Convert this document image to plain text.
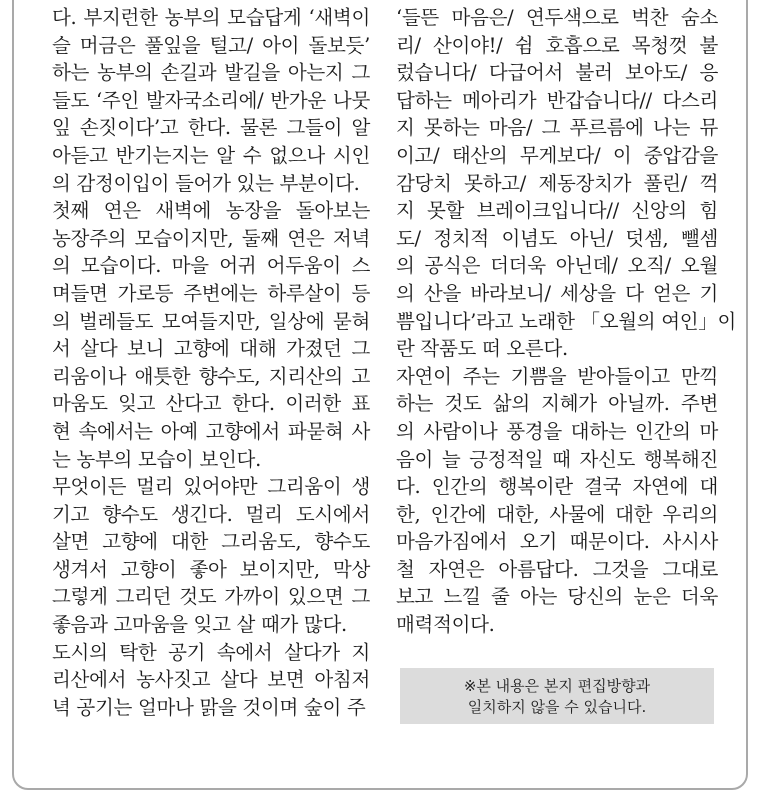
다. 부지런한 농부의 모습답게 ‘새벽이
슬 머금은 풀잎을 털고/ 아이 돌보듯’
하는 농부의 손길과 발길을 아는지 그
들도 ‘주인 발자국소리에/ 반가운 나뭇
잎 손짓이다’고 한다. 물론 그들이 알
아듣고 반기는지는 알 수 없으나 시인
의 감정이입이 들어가 있는 부분이다.
첫째 연은 새벽에 농장을 돌아보는
농장주의 모습이지만, 둘째 연은 저녁
의 모습이다. 마을 어귀 어두움이 스
며들면 가로등 주변에는 하루살이 등
의 벌레들도 모여들지만, 일상에 묻혀
서 살다 보니 고향에 대해 가졌던 그
리움이나 애틋한 향수도, 지리산의 고
마움도 잊고 산다고 한다. 이러한 표
현 속에서는 아예 고향에서 파묻혀 사
는 농부의 모습이 보인다.
무엇이든 멀리 있어야만 그리움이 생
기고 향수도 생긴다. 멀리 도시에서
살면 고향에 대한 그리움도, 향수도
생겨서 고향이 좋아 보이지만, 막상
그렇게 그리던 것도 가까이 있으면 그
좋음과 고마움을 잊고 살 때가 많다.
도시의 탁한 공기 속에서 살다가 지
리산에서 농사짓고 살다 보면 아침저
녁 공기는 얼마나 맑을 것이며 숲이 주
‘들뜬 마음은/ 연두색으로 벅찬 숨소
리/ 산이야!/ 쉼 호흡으로 목청껏 불
렀습니다/ 다급어서 불러 보아도/ 응
답하는 메아리가 반갑습니다// 다스리
지 못하는 마음/ 그 푸르름에 나는 뮤
이고/ 태산의 무게보다/ 이 중압감을
감당치 못하고/ 제동장치가 풀린/ 꺽
지 못할 브레이크입니다// 신앙의 힘
도/ 정치적 이념도 아닌/ 덧셈, 뺄셈
의 공식은 더더욱 아닌데/ 오직/ 오월
의 산을 바라보니/ 세상을 다 얻은 기
쁨입니다’라고 노래한 「오월의 여인」이
란 작품도 떠 오른다.
자연이 주는 기쁨을 받아들이고 만끽
하는 것도 삶의 지혜가 아닐까. 주변
의 사람이나 풍경을 대하는 인간의 마
음이 늘 긍정적일 때 자신도 행복해진
다. 인간의 행복이란 결국 자연에 대
한, 인간에 대한, 사물에 대한 우리의
마음가짐에서 오기 때문이다. 사시사
철 자연은 아름답다. 그것을 그대로
보고 느낄 줄 아는 당신의 눈은 더욱
매력적이다.
※본 내용은 본지 편집방향과
일치하지 않을 수 있습니다.
